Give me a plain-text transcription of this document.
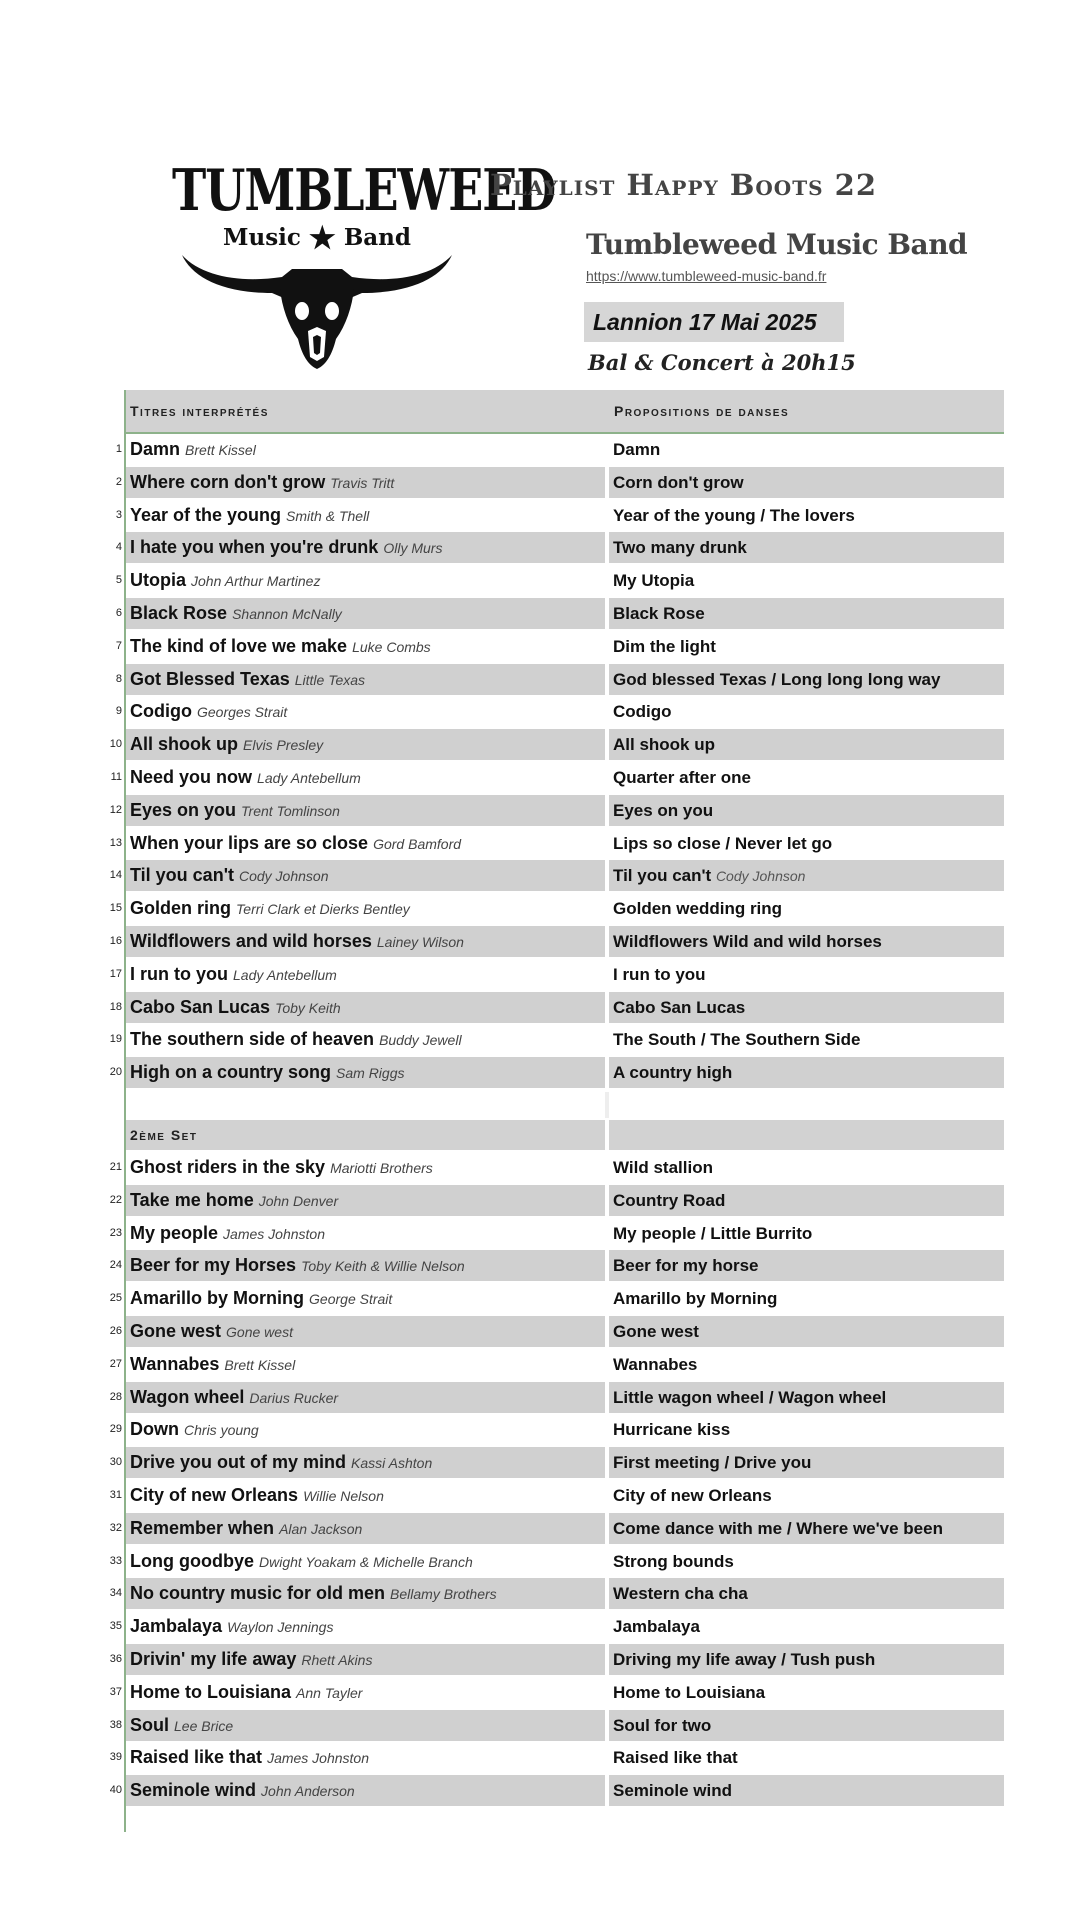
TUMBLEWEED
Music ★ Band
Playlist Happy Boots 22
Tumbleweed Music Band
https://www.tumbleweed-music-band.fr
Lannion 17 Mai 2025
Bal & Concert à 20h15
Titres interprétés	Propositions de danses
1 Damn Brett Kissel	Damn
2 Where corn don't grow Travis Tritt	Corn don't grow
3 Year of the young Smith & Thell	Year of the young / The lovers
4 I hate you when you're drunk Olly Murs	Two many drunk
5 Utopia John Arthur Martinez	My Utopia
6 Black Rose Shannon McNally	Black Rose
7 The kind of love we make Luke Combs	Dim the light
8 Got Blessed Texas Little Texas	God blessed Texas / Long long long way
9 Codigo Georges Strait	Codigo
10 All shook up Elvis Presley	All shook up
11 Need you now Lady Antebellum	Quarter after one
12 Eyes on you Trent Tomlinson	Eyes on you
13 When your lips are so close Gord Bamford	Lips so close / Never let go
14 Til you can't Cody Johnson	Til you can't Cody Johnson
15 Golden ring Terri Clark et Dierks Bentley	Golden wedding ring
16 Wildflowers and wild horses Lainey Wilson	Wildflowers Wild and wild horses
17 I run to you Lady Antebellum	I run to you
18 Cabo San Lucas Toby Keith	Cabo San Lucas
19 The southern side of heaven Buddy Jewell	The South / The Southern Side
20 High on a country song Sam Riggs	A country high
2ème Set
21 Ghost riders in the sky Mariotti Brothers	Wild stallion
22 Take me home John Denver	Country Road
23 My people James Johnston	My people / Little Burrito
24 Beer for my Horses Toby Keith & Willie Nelson	Beer for my horse
25 Amarillo by Morning George Strait	Amarillo by Morning
26 Gone west Gone west	Gone west
27 Wannabes Brett Kissel	Wannabes
28 Wagon wheel Darius Rucker	Little wagon wheel / Wagon wheel
29 Down Chris young	Hurricane kiss
30 Drive you out of my mind Kassi Ashton	First meeting / Drive you
31 City of new Orleans Willie Nelson	City of new Orleans
32 Remember when Alan Jackson	Come dance with me / Where we've been
33 Long goodbye Dwight Yoakam & Michelle Branch	Strong bounds
34 No country music for old men Bellamy Brothers	Western cha cha
35 Jambalaya Waylon Jennings	Jambalaya
36 Drivin' my life away Rhett Akins	Driving my life away / Tush push
37 Home to Louisiana Ann Tayler	Home to Louisiana
38 Soul Lee Brice	Soul for two
39 Raised like that James Johnston	Raised like that
40 Seminole wind John Anderson	Seminole wind
